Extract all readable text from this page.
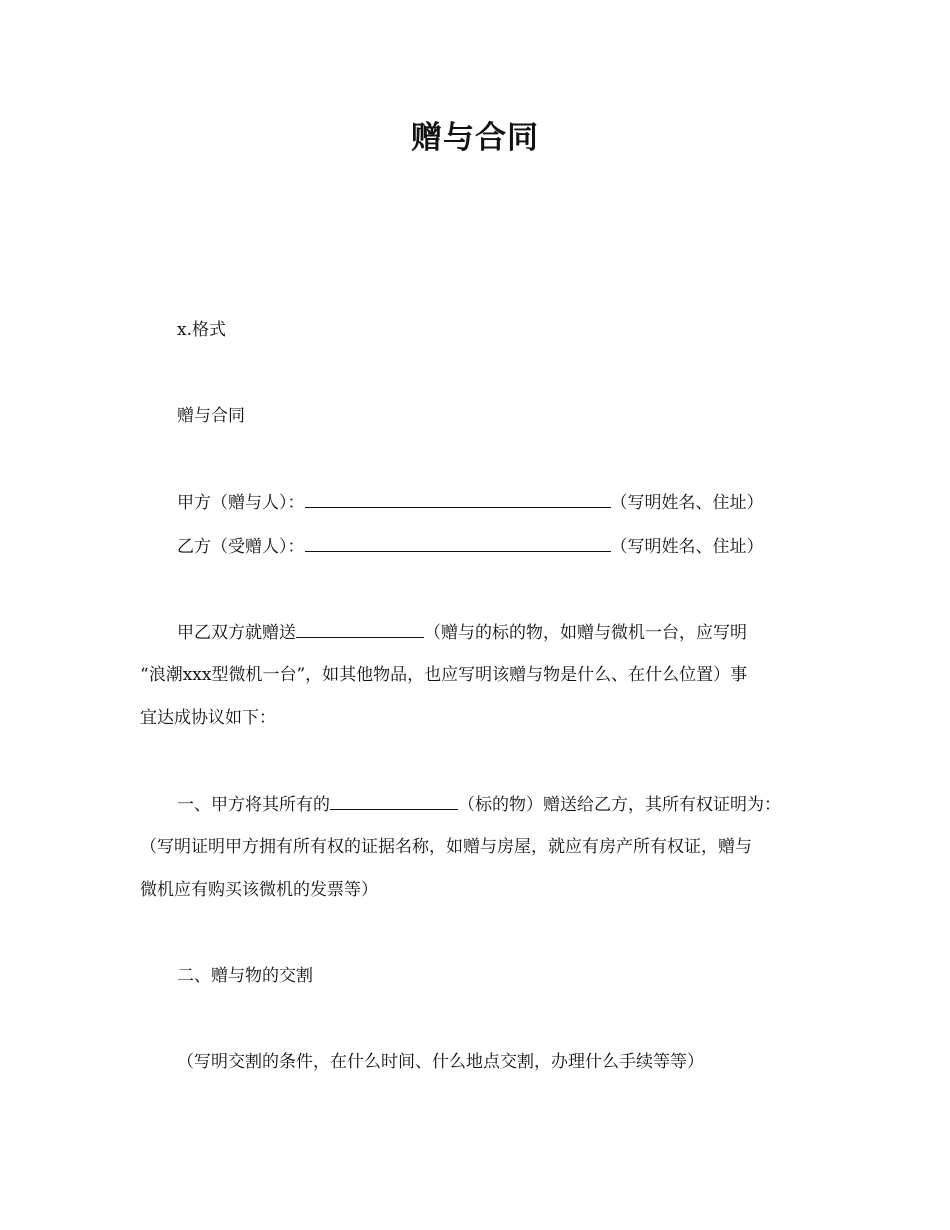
赠与合同
x.格式
赠与合同
甲方（赠与人）：	（写明姓名、住址）
乙方（受赠人）：	（写明姓名、住址）
甲乙双方就赠送	（赠与的标的物，如赠与微机一台，应写明
“浪潮xxx型微机一台”，如其他物品，也应写明该赠与物是什么、在什么位置）事
宜达成协议如下：
一、甲方将其所有的	（标的物）赠送给乙方，其所有权证明为：
（写明证明甲方拥有所有权的证据名称，如赠与房屋，就应有房产所有权证，赠与
微机应有购买该微机的发票等）
二、赠与物的交割
（写明交割的条件，在什么时间、什么地点交割，办理什么手续等等）
